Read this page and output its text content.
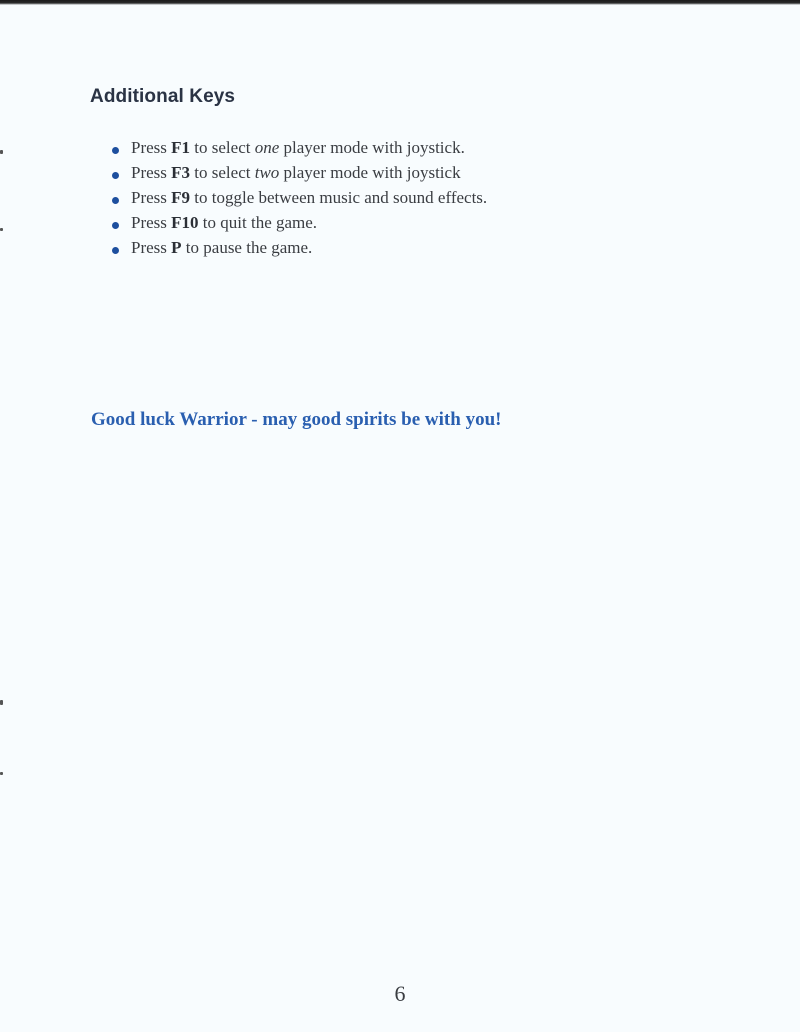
Additional Keys
Press F1 to select one player mode with joystick.
Press F3 to select two player mode with joystick
Press F9 to toggle between music and sound effects.
Press F10 to quit the game.
Press P to pause the game.

Good luck Warrior - may good spirits be with you!

6
